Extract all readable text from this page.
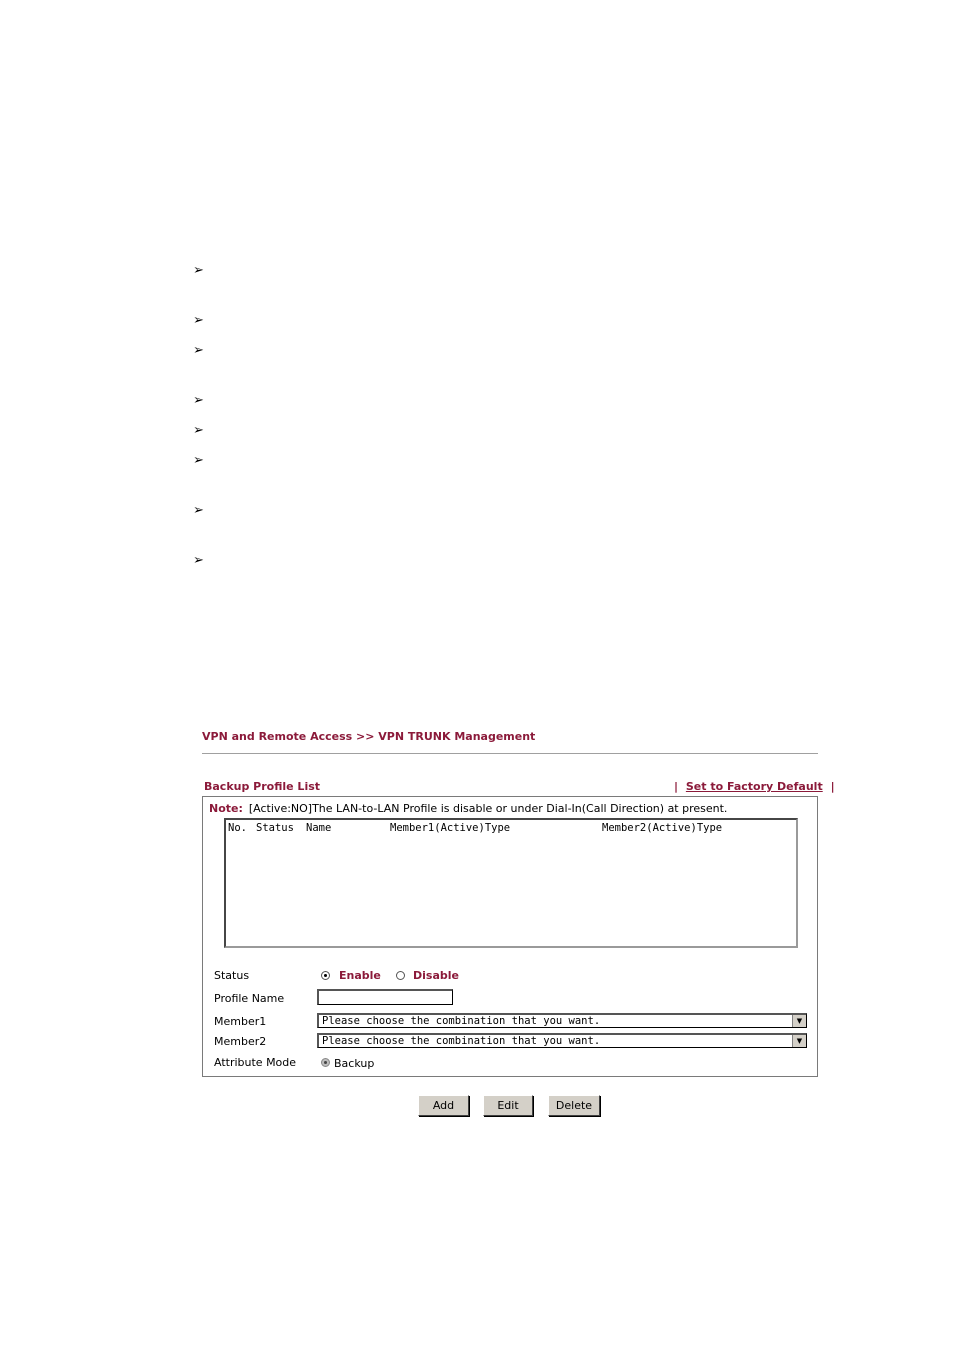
➢
➢
➢
➢
➢
➢
➢
➢
VPN and Remote Access >> VPN TRUNK Management
Backup Profile List	| Set to Factory Default |
Note: [Active:NO]The LAN-to-LAN Profile is disable or under Dial-In(Call Direction) at present.
No. Status Name	Member1(Active)Type	Member2(Active)Type
Status	Enable	Disable
Profile Name
Member1	Please choose the combination that you want.	▼
Member2	Please choose the combination that you want.	▼
Attribute Mode	Backup
Add	Edit	Delete
